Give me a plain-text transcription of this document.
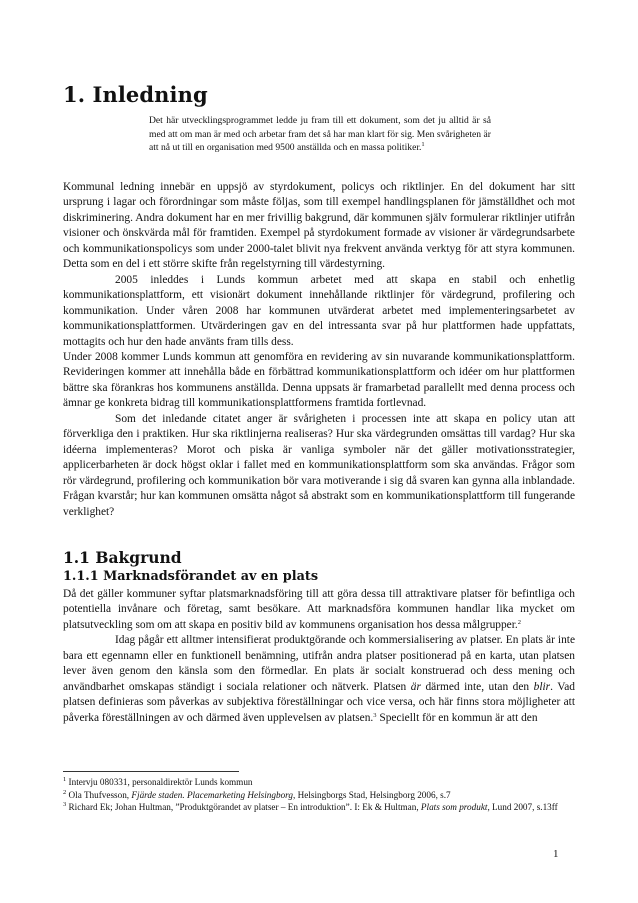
1. Inledning

Det här utvecklingsprogrammet ledde ju fram till ett dokument, som det ju alltid är så med att om man är med och arbetar fram det så har man klart för sig. Men svårigheten är att nå ut till en organisation med 9500 anställda och en massa politiker.$^1$

Kommunal ledning innebär en uppsjö av styrdokument, policys och riktlinjer. En del dokument har sitt ursprung i lagar och förordningar som måste följas, som till exempel handlingsplanen för jämställdhet och mot diskriminering. Andra dokument har en mer frivillig bakgrund, där kommunen själv formulerar riktlinjer utifrån visioner och önskvärda mål för framtiden. Exempel på styrdokument formade av visioner är värdegrundsarbete och kommunikationspolicys som under 2000-talet blivit nya frekvent använda verktyg för att styra kommunen. Detta som en del i ett större skifte från regelstyrning till värdestyrning.

2005 inleddes i Lunds kommun arbetet med att skapa en stabil och enhetlig kommunikationsplattform, ett visionärt dokument innehållande riktlinjer för värdegrund, profilering och kommunikation. Under våren 2008 har kommunen utvärderat arbetet med implementeringsarbetet av kommunikationsplattformen. Utvärderingen gav en del intressanta svar på hur plattformen hade uppfattats, mottagits och hur den hade använts fram tills dess.

Under 2008 kommer Lunds kommun att genomföra en revidering av sin nuvarande kommunikationsplattform. Revideringen kommer att innehålla både en förbättrad kommunikationsplattform och idéer om hur plattformen bättre ska förankras hos kommunens anställda. Denna uppsats är framarbetad parallellt med denna process och ämnar ge konkreta bidrag till kommunikationsplattformens framtida fortlevnad.

Som det inledande citatet anger är svårigheten i processen inte att skapa en policy utan att förverkliga den i praktiken. Hur ska riktlinjerna realiseras? Hur ska värdegrunden omsättas till vardag? Hur ska idéerna implementeras? Morot och piska är vanliga symboler när det gäller motivationsstrategier, applicerbarheten är dock högst oklar i fallet med en kommunikationsplattform som ska användas. Frågor som rör värdegrund, profilering och kommunikation bör vara motiverande i sig då svaren kan gynna alla inblandade. Frågan kvarstår; hur kan kommunen omsätta något så abstrakt som en kommunikationsplattform till fungerande verklighet?

1.1 Bakgrund
1.1.1 Marknadsförandet av en plats

Då det gäller kommuner syftar platsmarknadsföring till att göra dessa till attraktivare platser för befintliga och potentiella invånare och företag, samt besökare. Att marknadsföra kommunen handlar lika mycket om platsutveckling som om att skapa en positiv bild av kommunens organisation hos dessa målgrupper.$^2$

Idag pågår ett alltmer intensifierat produktgörande och kommersialisering av platser. En plats är inte bara ett egennamn eller en funktionell benämning, utifrån andra platser positionerad på en karta, utan platsen lever även genom den känsla som den förmedlar. En plats är socialt konstruerad och dess mening och användbarhet omskapas ständigt i sociala relationer och nätverk. Platsen är därmed inte, utan den blir. Vad platsen definieras som påverkas av subjektiva föreställningar och vice versa, och här finns stora möjligheter att påverka föreställningen av och därmed även upplevelsen av platsen.$^3$ Speciellt för en kommun är att den

$^1$ Intervju 080331, personaldirektör Lunds kommun
$^2$ Ola Thufvesson, Fjärde staden. Placemarketing Helsingborg, Helsingborgs Stad, Helsingborg 2006, s.7
$^3$ Richard Ek; Johan Hultman, ”Produktgörandet av platser – En introduktion”. I: Ek & Hultman, Plats som produkt, Lund 2007, s.13ff
1
